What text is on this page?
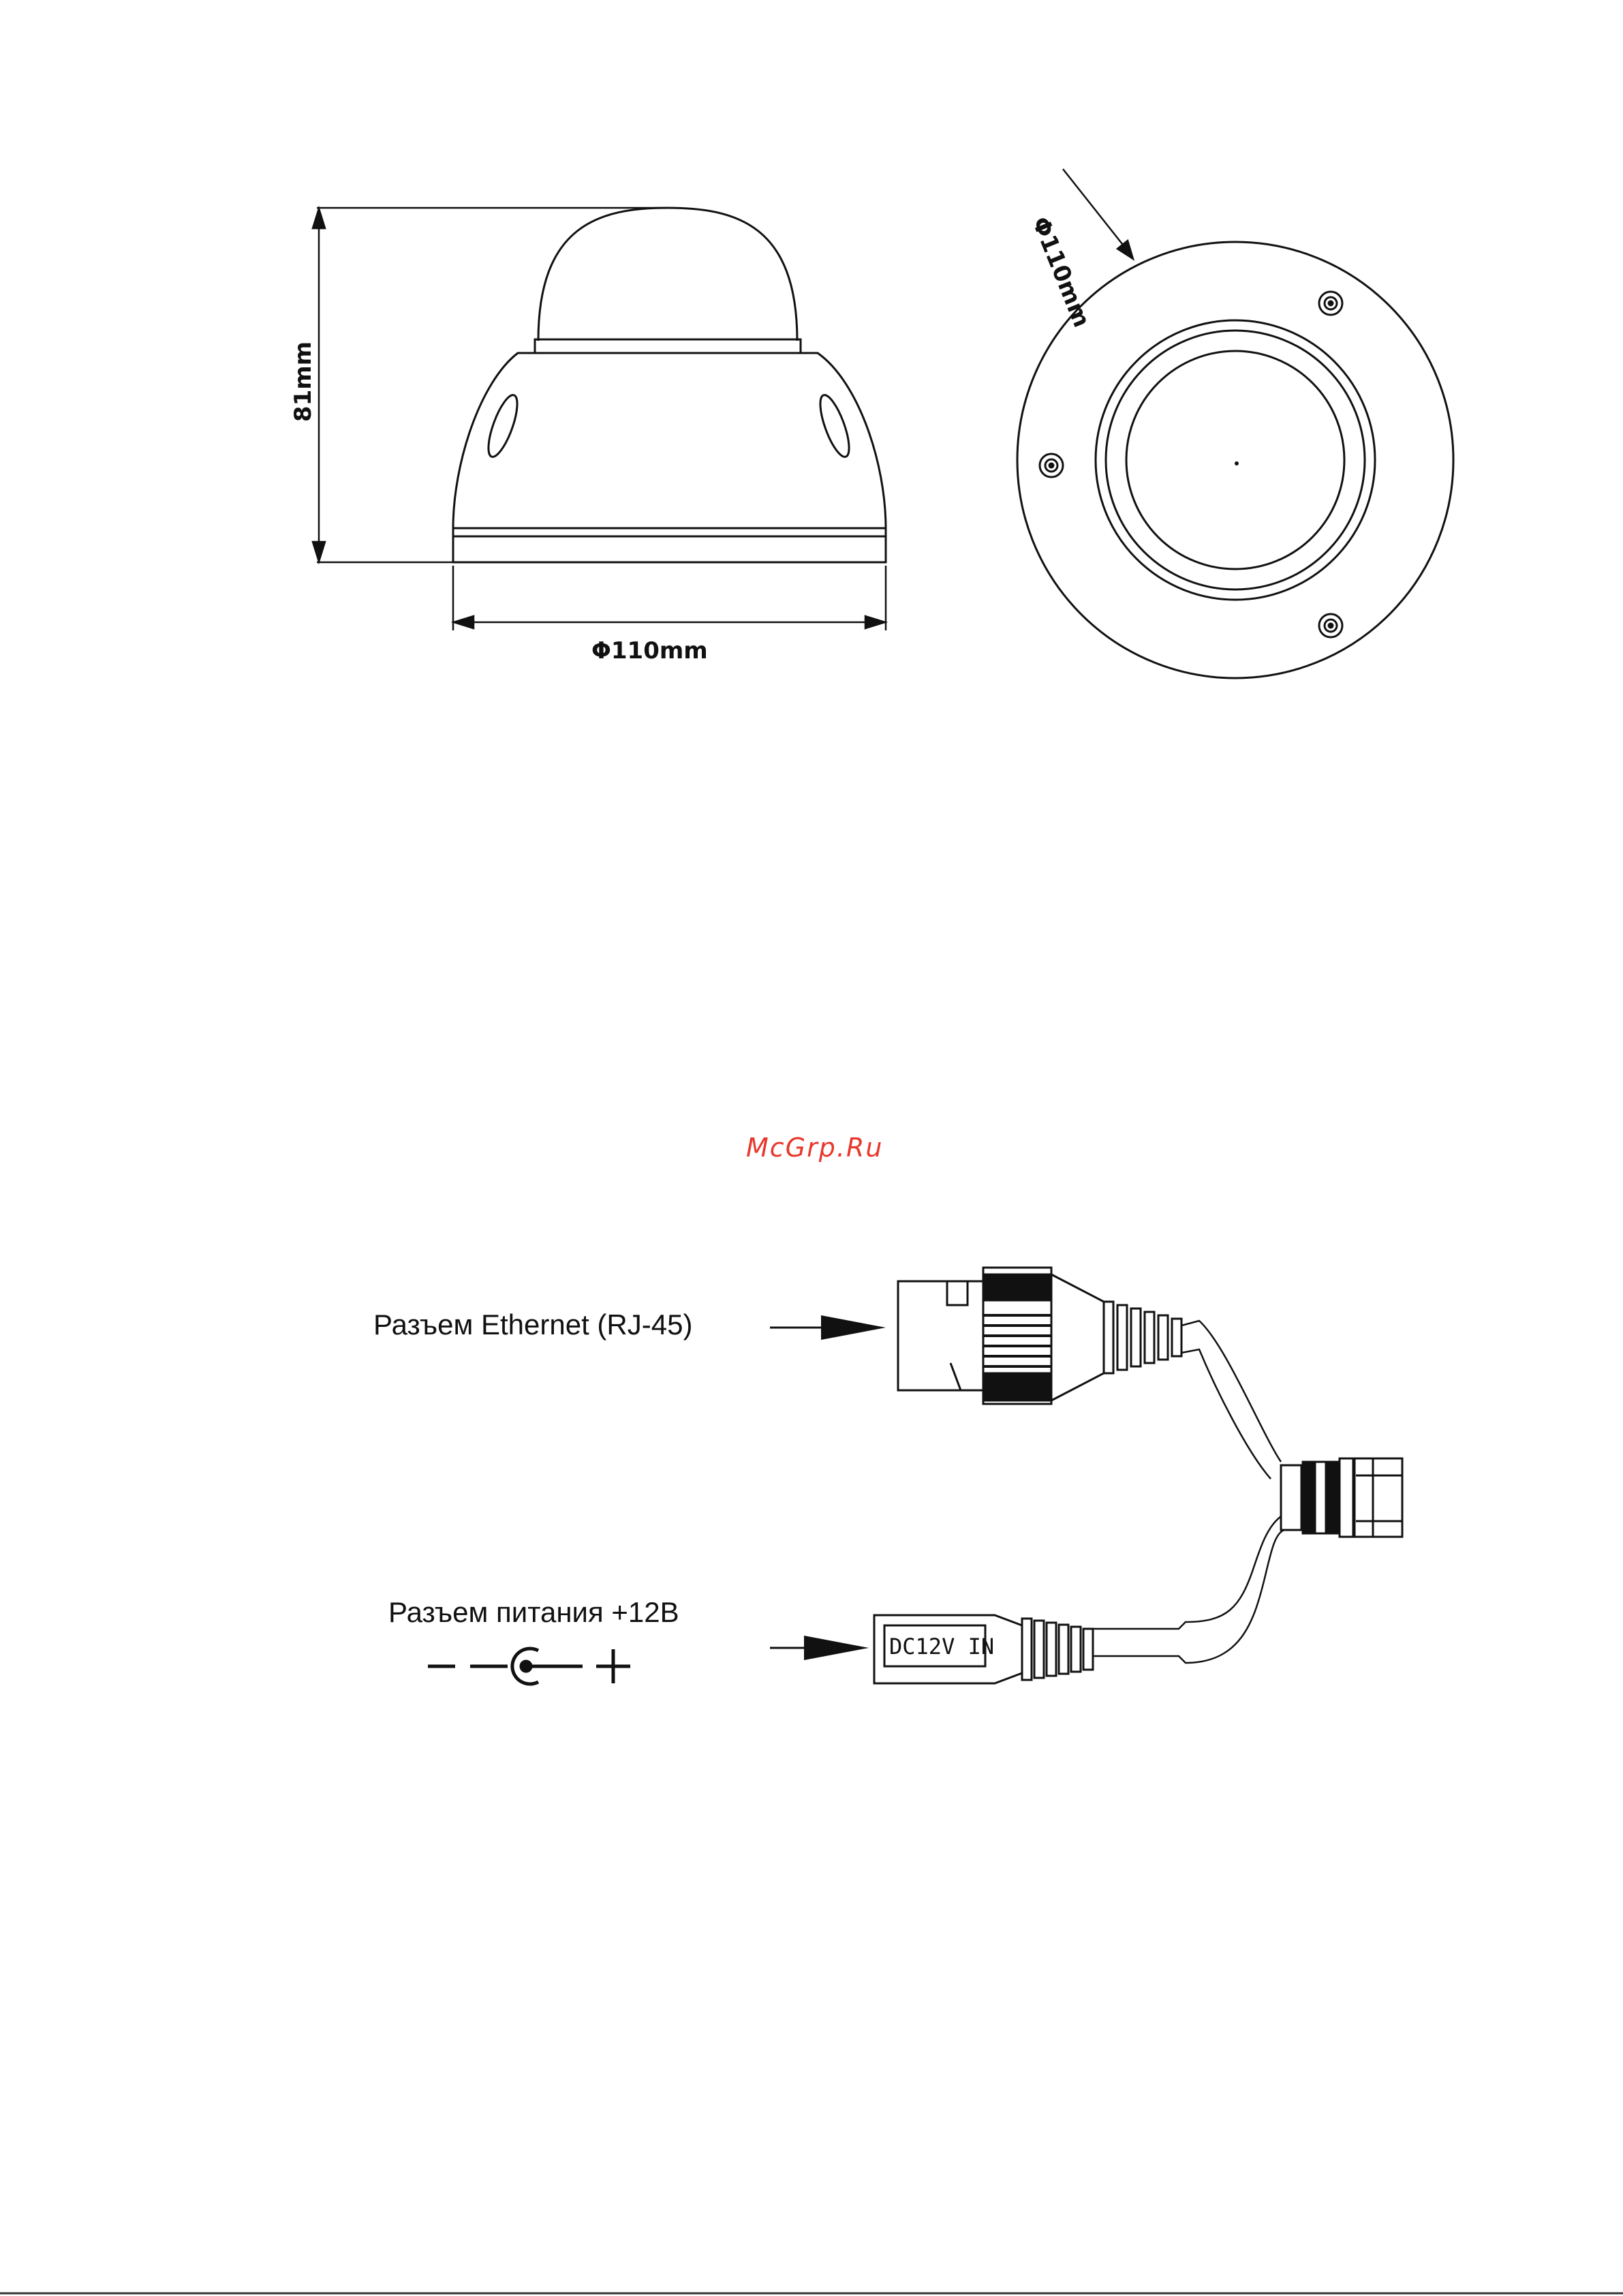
81mm
Φ110mm
Φ110mm
McGrp.Ru
Разъем Ethernet (RJ-45)
Разъем питания +12В
DC12V IN
